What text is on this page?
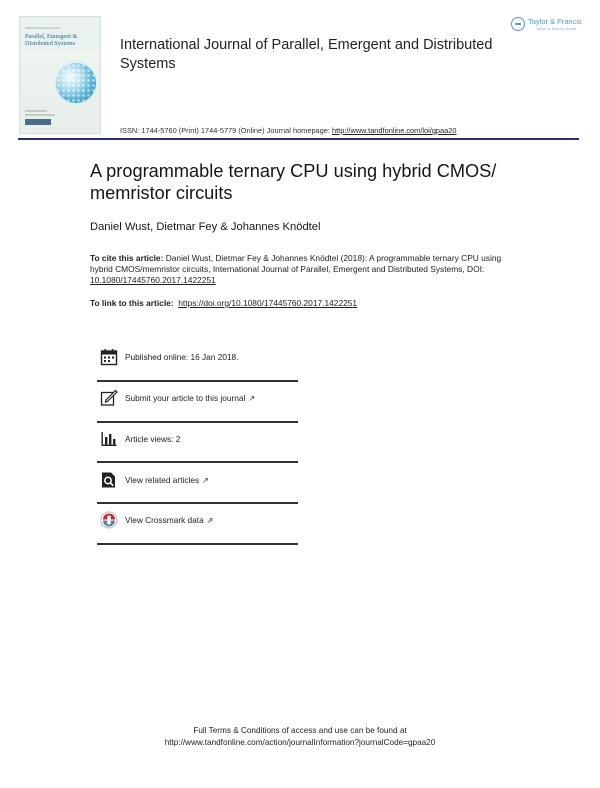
International Journal of
Parallel, Emergent & Distributed Systems	International Journal of Parallel, Emergent and Distributed Systems
Taylor & Francis
Taylor & Francis Group
ISSN: 1744-5760 (Print) 1744-5779 (Online) Journal homepage: http://www.tandfonline.com/loi/gpaa20
A programmable ternary CPU using hybrid CMOS/ memristor circuits
Daniel Wust, Dietmar Fey & Johannes Knödtel
To cite this article: Daniel Wust, Dietmar Fey & Johannes Knödtel (2018): A programmable ternary CPU using hybrid CMOS/memristor circuits, International Journal of Parallel, Emergent and Distributed Systems, DOI: 10.1080/17445760.2017.1422251
To link to this article: https://doi.org/10.1080/17445760.2017.1422251
Published online: 16 Jan 2018.
Submit your article to this journal ↗
Article views: 2
View related articles ↗
View Crossmark data ⇗
Full Terms & Conditions of access and use can be found at
http://www.tandfonline.com/action/journalInformation?journalCode=gpaa20
